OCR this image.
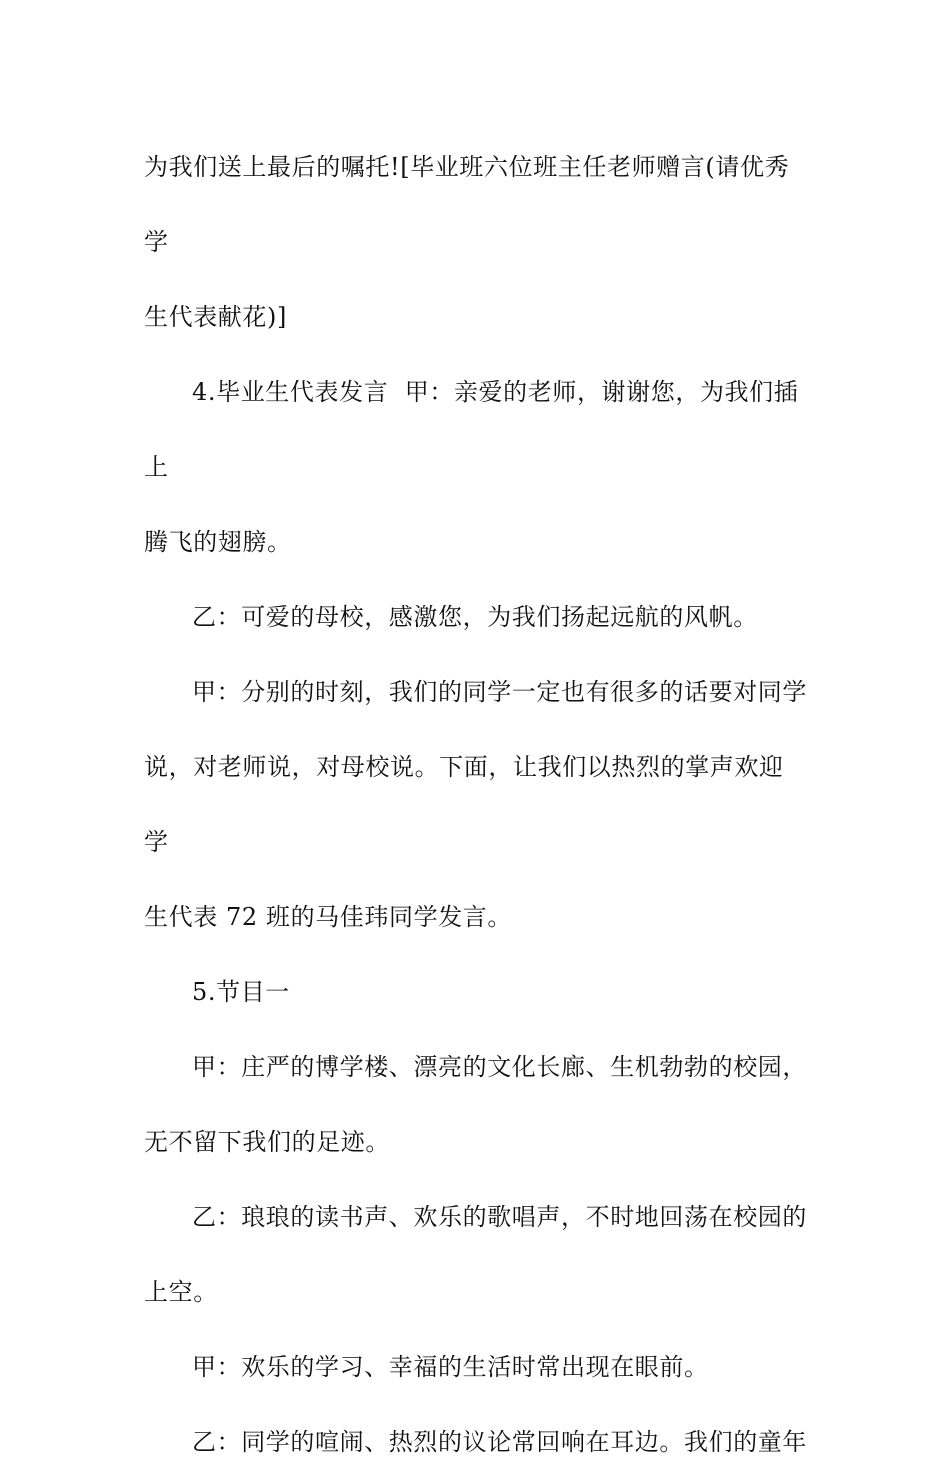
为我们送上最后的嘱托![毕业班六位班主任老师赠言(请优秀学
生代表献花)]

4.毕业生代表发言  甲：亲爱的老师，谢谢您，为我们插上
腾飞的翅膀。

乙：可爱的母校，感激您，为我们扬起远航的风帆。

甲：分别的时刻，我们的同学一定也有很多的话要对同学
说，对老师说，对母校说。下面，让我们以热烈的掌声欢迎学
生代表 72 班的马佳玮同学发言。

5.节目一

甲：庄严的博学楼、漂亮的文化长廊、生机勃勃的校园，
无不留下我们的足迹。

乙：琅琅的读书声、欢乐的歌唱声，不时地回荡在校园的
上空。

甲：欢乐的学习、幸福的生活时常出现在眼前。

乙：同学的喧闹、热烈的议论常回响在耳边。我们的童年
